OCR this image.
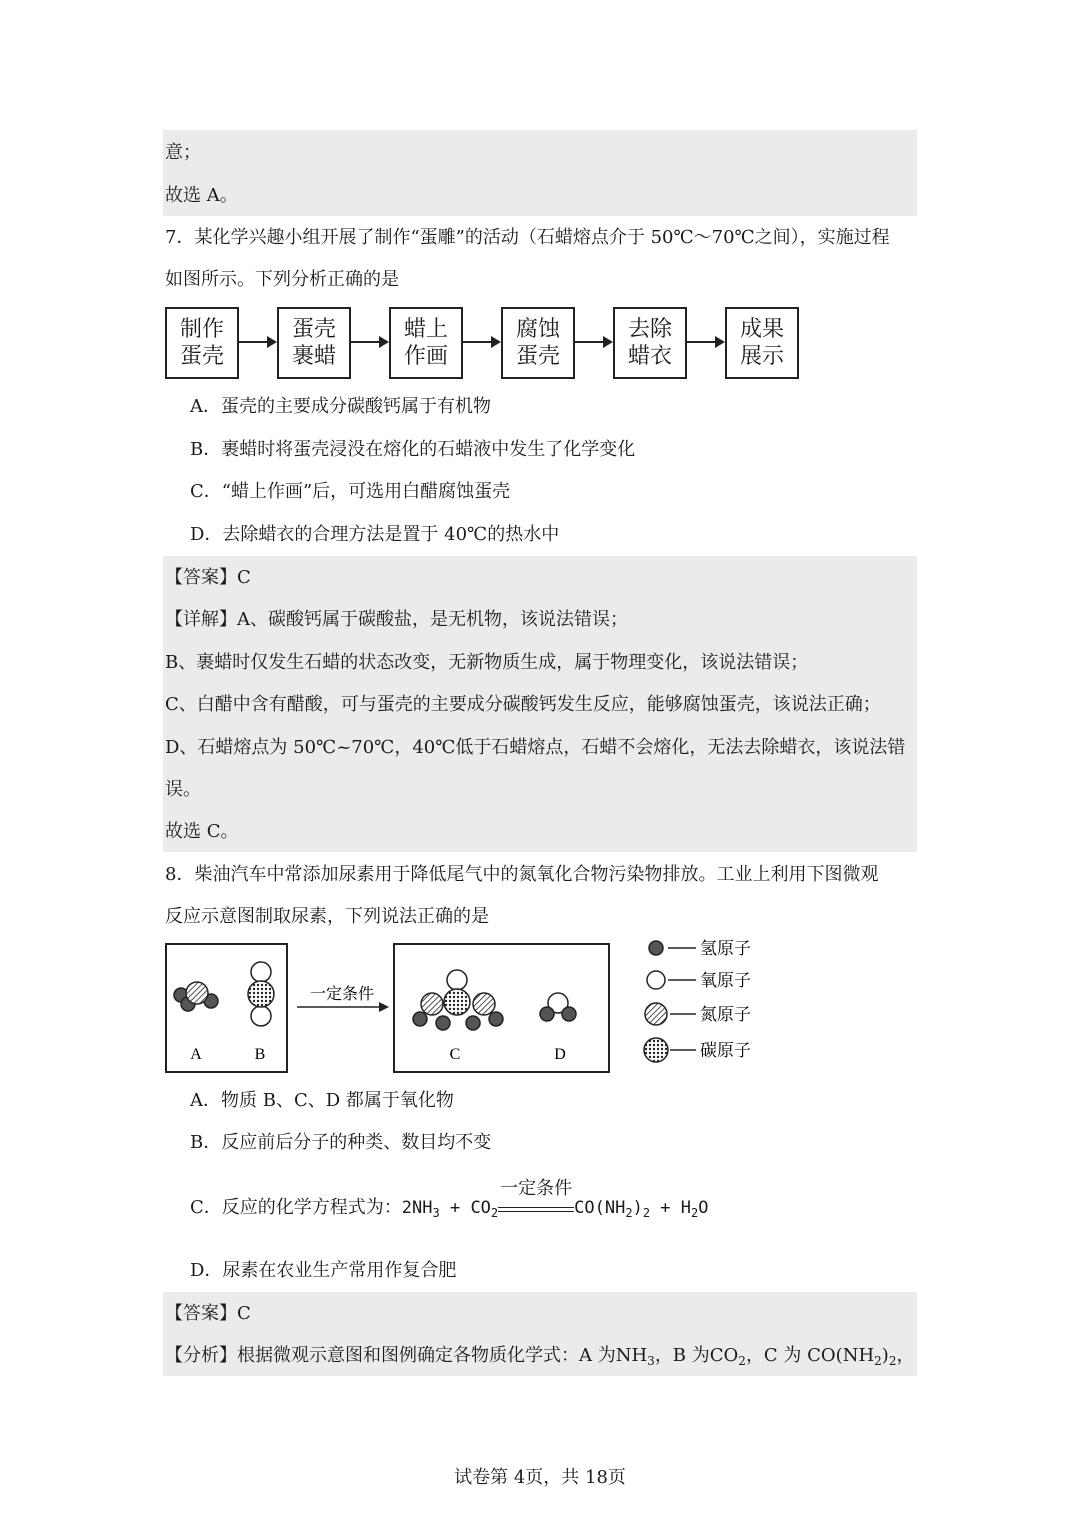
意；
故选 A。
7．某化学兴趣小组开展了制作“蛋雕”的活动（石蜡熔点介于 50℃～70℃之间），实施过程
如图所示。下列分析正确的是
制作
蛋壳
蛋壳
裹蜡
蜡上
作画
腐蚀
蛋壳
去除
蜡衣
成果
展示
A．蛋壳的主要成分碳酸钙属于有机物
B．裹蜡时将蛋壳浸没在熔化的石蜡液中发生了化学变化
C．“蜡上作画”后，可选用白醋腐蚀蛋壳
D．去除蜡衣的合理方法是置于 40℃的热水中
【答案】C
【详解】A、碳酸钙属于碳酸盐，是无机物，该说法错误；
B、裹蜡时仅发生石蜡的状态改变，无新物质生成，属于物理变化，该说法错误；
C、白醋中含有醋酸，可与蛋壳的主要成分碳酸钙发生反应，能够腐蚀蛋壳，该说法正确；
D、石蜡熔点为 50℃~70℃，40℃低于石蜡熔点，石蜡不会熔化，无法去除蜡衣，该说法错
误。
故选 C。
8．柴油汽车中常添加尿素用于降低尾气中的氮氧化合物污染物排放。工业上利用下图微观
反应示意图制取尿素，下列说法正确的是
A	B
一定条件
C	D
氢原子
氧原子
氮原子
碳原子
A．物质 B、C、D 都属于氧化物
B．反应前后分子的种类、数目均不变
C．反应的化学方程式为：$2NH_3 + CO_2$
一定条件
$CO(NH_2)_2 + H_2O$
D．尿素在农业生产常用作复合肥
【答案】C
【分析】根据微观示意图和图例确定各物质化学式：A 为$NH_3$，B 为$CO_2$，C 为 $CO(NH_2)_2$，
试卷第 4页，共 18页
